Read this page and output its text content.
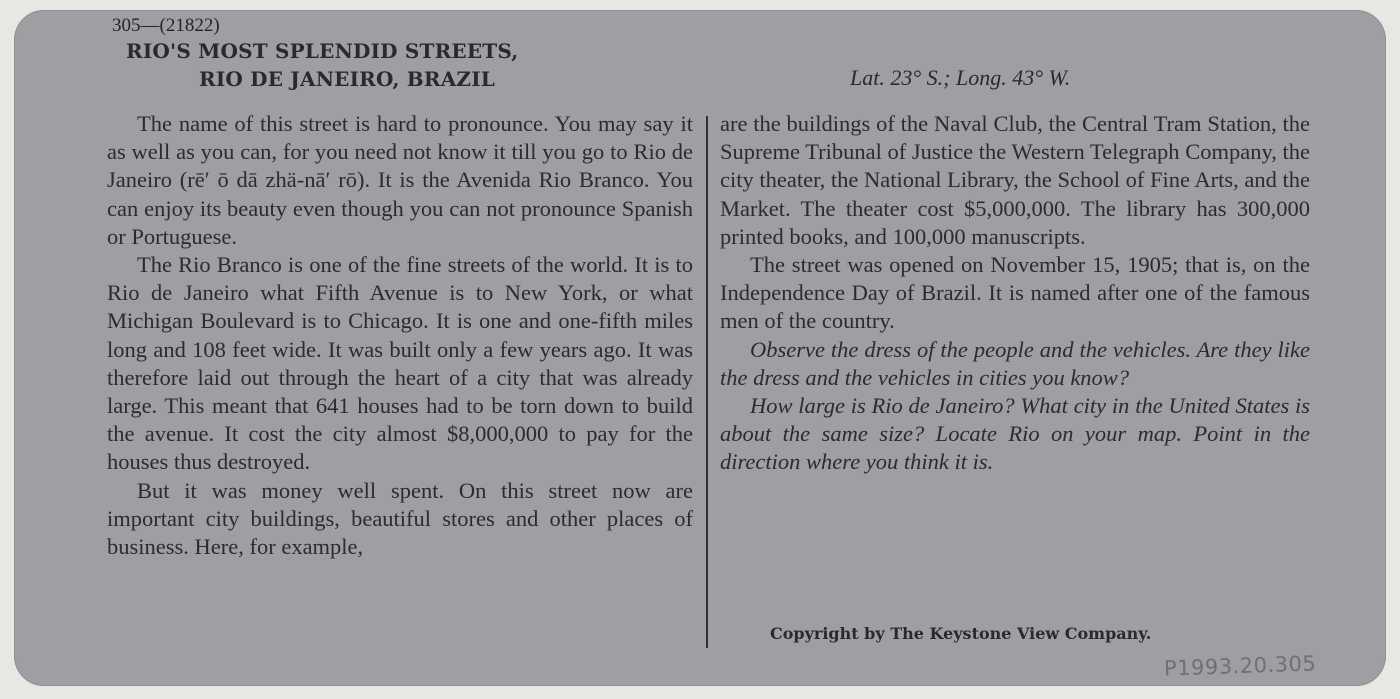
305—(21822)

RIO'S MOST SPLENDID STREETS,
RIO DE JANEIRO, BRAZIL	Lat. 23° S.; Long. 43° W.

The name of this street is hard to pronounce. You may say it as well as you can, for you need not know it till you go to Rio de Janeiro (rē′ ō dā zhä-nā′ rō). It is the Avenida Rio Branco. You can enjoy its beauty even though you can not pronounce Spanish or Portuguese.

The Rio Branco is one of the fine streets of the world. It is to Rio de Janeiro what Fifth Avenue is to New York, or what Michigan Boulevard is to Chicago. It is one and one-fifth miles long and 108 feet wide. It was built only a few years ago. It was therefore laid out through the heart of a city that was already large. This meant that 641 houses had to be torn down to build the avenue. It cost the city almost $8,000,000 to pay for the houses thus destroyed.

But it was money well spent. On this street now are important city buildings, beautiful stores and other places of business. Here, for example,

are the buildings of the Naval Club, the Central Tram Station, the Supreme Tribunal of Justice the Western Telegraph Company, the city theater, the National Library, the School of Fine Arts, and the Market. The theater cost $5,000,000. The library has 300,000 printed books, and 100,000 manuscripts.

The street was opened on November 15, 1905; that is, on the Independence Day of Brazil. It is named after one of the famous men of the country.

Observe the dress of the people and the vehicles. Are they like the dress and the vehicles in cities you know?

How large is Rio de Janeiro? What city in the United States is about the same size? Locate Rio on your map. Point in the direction where you think it is.

Copyright by The Keystone View Company.

P1993.20.305
